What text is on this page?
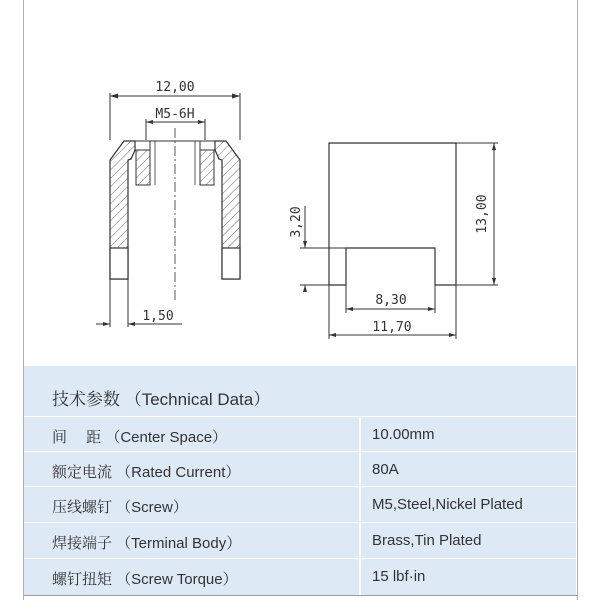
12,00
M5-6H
1,50
13,00
3,20
8,30
11,70
技术参数 （Technical Data）
间　 距 （Center Space）	10.00mm
额定电流 （Rated Current）	80A
压线螺钉 （Screw）	M5,Steel,Nickel Plated
焊接端子 （Terminal Body）	Brass,Tin Plated
螺钉扭矩 （Screw Torque）	15 lbf·in
